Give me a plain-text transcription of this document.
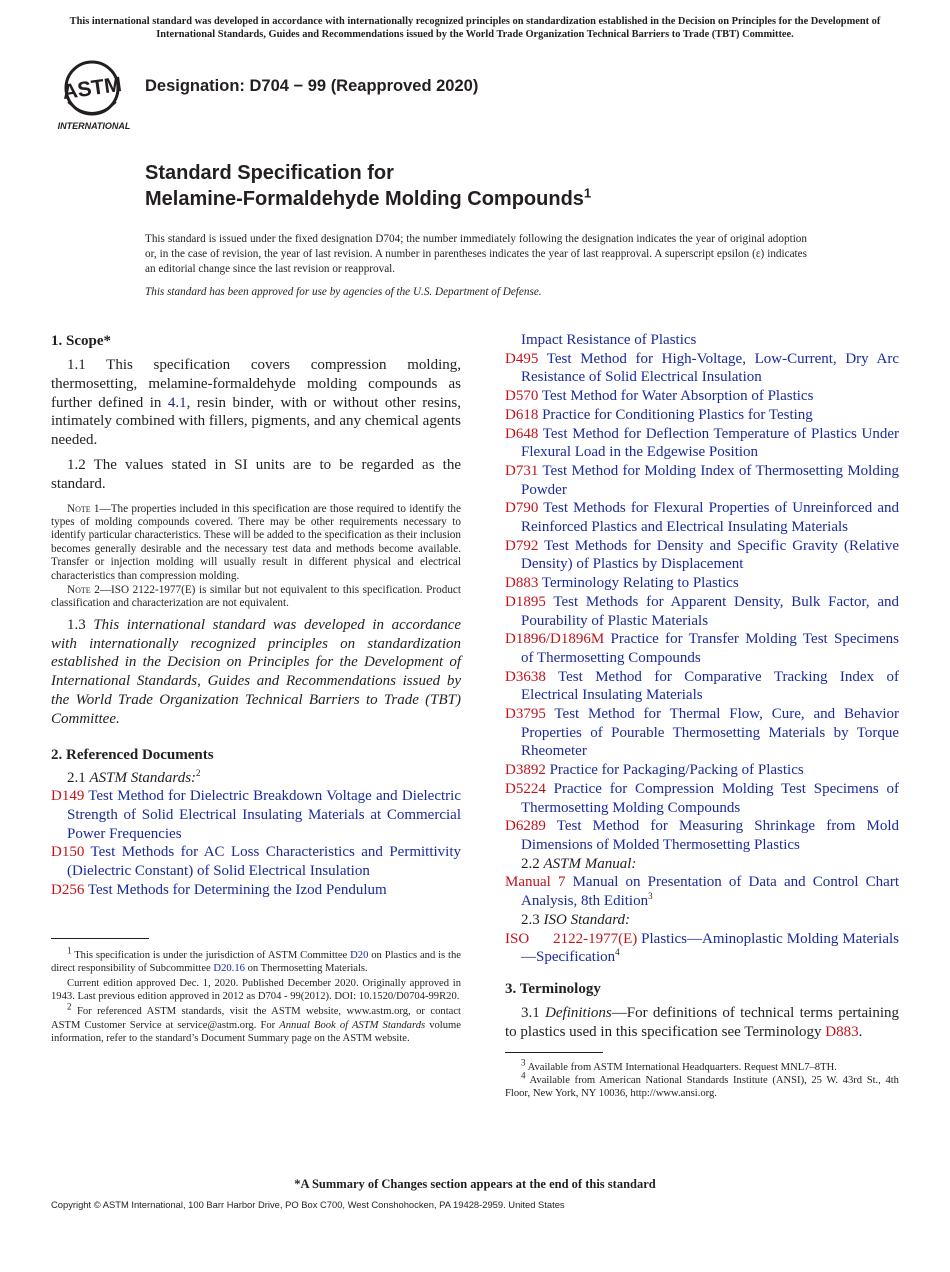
This international standard was developed in accordance with internationally recognized principles on standardization established in the Decision on Principles for the Development of International Standards, Guides and Recommendations issued by the World Trade Organization Technical Barriers to Trade (TBT) Committee.
ASTM
INTERNATIONAL
Designation: D704 − 99 (Reapproved 2020)
Standard Specification for
Melamine-Formaldehyde Molding Compounds$^1$
This standard is issued under the fixed designation D704; the number immediately following the designation indicates the year of original adoption or, in the case of revision, the year of last revision. A number in parentheses indicates the year of last reapproval. A superscript epsilon (ε) indicates an editorial change since the last revision or reapproval.
This standard has been approved for use by agencies of the U.S. Department of Defense.
1. Scope*

1.1 This specification covers compression molding, thermosetting, melamine-formaldehyde molding compounds as further defined in 4.1, resin binder, with or without other resins, intimately combined with fillers, pigments, and any chemical agents needed.

1.2 The values stated in SI units are to be regarded as the standard.

Note 1—The properties included in this specification are those required to identify the types of molding compounds covered. There may be other requirements necessary to identify particular characteristics. These will be added to the specification as their inclusion becomes generally desirable and the necessary test data and methods become available. Transfer or injection molding will usually result in different physical and electrical characteristics than compression molding.

Note 2—ISO 2122-1977(E) is similar but not equivalent to this specification. Product classification and characterization are not equivalent.

1.3 This international standard was developed in accordance with internationally recognized principles on standardization established in the Decision on Principles for the Development of International Standards, Guides and Recommendations issued by the World Trade Organization Technical Barriers to Trade (TBT) Committee.

2. Referenced Documents

2.1 ASTM Standards:$^2$

D149 Test Method for Dielectric Breakdown Voltage and Dielectric Strength of Solid Electrical Insulating Materials at Commercial Power Frequencies
D150 Test Methods for AC Loss Characteristics and Permittivity (Dielectric Constant) of Solid Electrical Insulation
D256 Test Methods for Determining the Izod Pendulum

$^1$ This specification is under the jurisdiction of ASTM Committee D20 on Plastics and is the direct responsibility of Subcommittee D20.16 on Thermosetting Materials.

Current edition approved Dec. 1, 2020. Published December 2020. Originally approved in 1943. Last previous edition approved in 2012 as D704 - 99(2012). DOI: 10.1520/D0704-99R20.

$^2$ For referenced ASTM standards, visit the ASTM website, www.astm.org, or contact ASTM Customer Service at service@astm.org. For Annual Book of ASTM Standards volume information, refer to the standard’s Document Summary page on the ASTM website.

Impact Resistance of Plastics
D495 Test Method for High-Voltage, Low-Current, Dry Arc Resistance of Solid Electrical Insulation
D570 Test Method for Water Absorption of Plastics
D618 Practice for Conditioning Plastics for Testing
D648 Test Method for Deflection Temperature of Plastics Under Flexural Load in the Edgewise Position
D731 Test Method for Molding Index of Thermosetting Molding Powder
D790 Test Methods for Flexural Properties of Unreinforced and Reinforced Plastics and Electrical Insulating Materials
D792 Test Methods for Density and Specific Gravity (Relative Density) of Plastics by Displacement
D883 Terminology Relating to Plastics
D1895 Test Methods for Apparent Density, Bulk Factor, and Pourability of Plastic Materials
D1896/D1896M Practice for Transfer Molding Test Specimens of Thermosetting Compounds
D3638 Test Method for Comparative Tracking Index of Electrical Insulating Materials
D3795 Test Method for Thermal Flow, Cure, and Behavior Properties of Pourable Thermosetting Materials by Torque Rheometer
D3892 Practice for Packaging/Packing of Plastics
D5224 Practice for Compression Molding Test Specimens of Thermosetting Molding Compounds
D6289 Test Method for Measuring Shrinkage from Mold Dimensions of Molded Thermosetting Plastics

2.2 ASTM Manual:

Manual 7 Manual on Presentation of Data and Control Chart Analysis, 8th Edition$^3$

2.3 ISO Standard:

ISO 2122-1977(E) Plastics—Aminoplastic Molding Materials—Specification$^4$
3. Terminology

3.1 Definitions—For definitions of technical terms pertaining to plastics used in this specification see Terminology D883.

$^3$ Available from ASTM International Headquarters. Request MNL7–8TH.

$^4$ Available from American National Standards Institute (ANSI), 25 W. 43rd St., 4th Floor, New York, NY 10036, http://www.ansi.org.

*A Summary of Changes section appears at the end of this standard
Copyright © ASTM International, 100 Barr Harbor Drive, PO Box C700, West Conshohocken, PA 19428-2959. United States
